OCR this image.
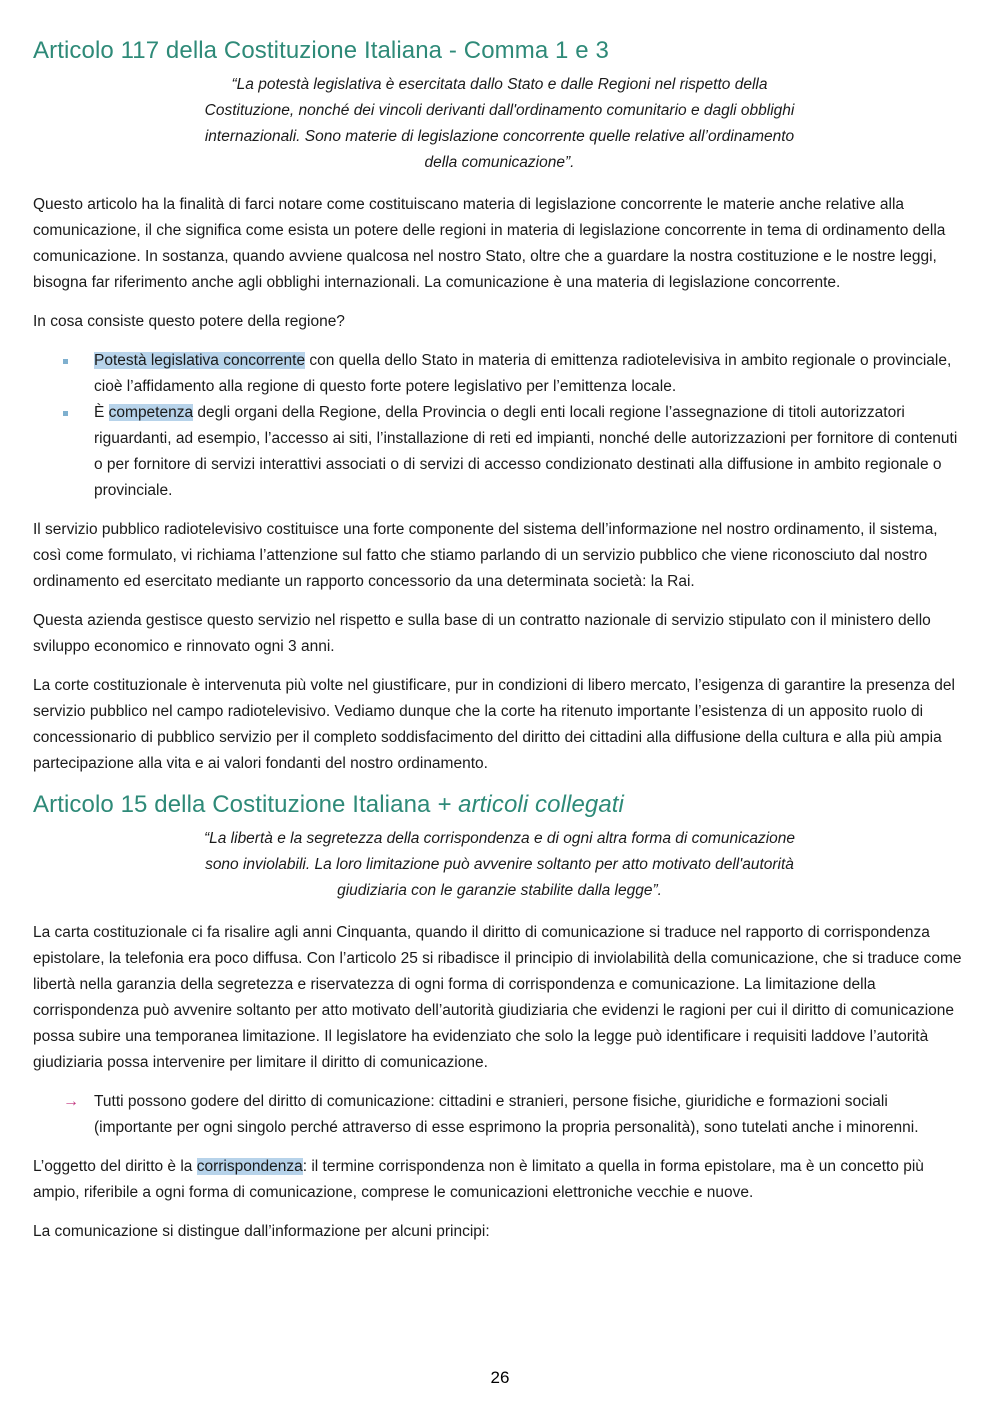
Articolo 117 della Costituzione Italiana - Comma 1 e 3

“La potestà legislativa è esercitata dallo Stato e dalle Regioni nel rispetto della Costituzione, nonché dei vincoli derivanti dall'ordinamento comunitario e dagli obblighi internazionali. Sono materie di legislazione concorrente quelle relative all’ordinamento della comunicazione”.

Questo articolo ha la finalità di farci notare come costituiscano materia di legislazione concorrente le materie anche relative alla comunicazione, il che significa come esista un potere delle regioni in materia di legislazione concorrente in tema di ordinamento della comunicazione. In sostanza, quando avviene qualcosa nel nostro Stato, oltre che a guardare la nostra costituzione e le nostre leggi, bisogna far riferimento anche agli obblighi internazionali. La comunicazione è una materia di legislazione concorrente.

In cosa consiste questo potere della regione?

Potestà legislativa concorrente con quella dello Stato in materia di emittenza radiotelevisiva in ambito regionale o provinciale, cioè l’affidamento alla regione di questo forte potere legislativo per l’emittenza locale.
È competenza degli organi della Regione, della Provincia o degli enti locali regione l’assegnazione di titoli autorizzatori riguardanti, ad esempio, l’accesso ai siti, l’installazione di reti ed impianti, nonché delle autorizzazioni per fornitore di contenuti o per fornitore di servizi interattivi associati o di servizi di accesso condizionato destinati alla diffusione in ambito regionale o provinciale.

Il servizio pubblico radiotelevisivo costituisce una forte componente del sistema dell’informazione nel nostro ordinamento, il sistema, così come formulato, vi richiama l’attenzione sul fatto che stiamo parlando di un servizio pubblico che viene riconosciuto dal nostro ordinamento ed esercitato mediante un rapporto concessorio da una determinata società: la Rai.

Questa azienda gestisce questo servizio nel rispetto e sulla base di un contratto nazionale di servizio stipulato con il ministero dello sviluppo economico e rinnovato ogni 3 anni.

La corte costituzionale è intervenuta più volte nel giustificare, pur in condizioni di libero mercato, l’esigenza di garantire la presenza del servizio pubblico nel campo radiotelevisivo. Vediamo dunque che la corte ha ritenuto importante l’esistenza di un apposito ruolo di concessionario di pubblico servizio per il completo soddisfacimento del diritto dei cittadini alla diffusione della cultura e alla più ampia partecipazione alla vita e ai valori fondanti del nostro ordinamento.

Articolo 15 della Costituzione Italiana + articoli collegati

“La libertà e la segretezza della corrispondenza e di ogni altra forma di comunicazione sono inviolabili. La loro limitazione può avvenire soltanto per atto motivato dell'autorità giudiziaria con le garanzie stabilite dalla legge”.

La carta costituzionale ci fa risalire agli anni Cinquanta, quando il diritto di comunicazione si traduce nel rapporto di corrispondenza epistolare, la telefonia era poco diffusa. Con l’articolo 25 si ribadisce il principio di inviolabilità della comunicazione, che si traduce come libertà nella garanzia della segretezza e riservatezza di ogni forma di corrispondenza e comunicazione. La limitazione della corrispondenza può avvenire soltanto per atto motivato dell’autorità giudiziaria che evidenzi le ragioni per cui il diritto di comunicazione possa subire una temporanea limitazione. Il legislatore ha evidenziato che solo la legge può identificare i requisiti laddove l’autorità giudiziaria possa intervenire per limitare il diritto di comunicazione.

→ Tutti possono godere del diritto di comunicazione: cittadini e stranieri, persone fisiche, giuridiche e formazioni sociali (importante per ogni singolo perché attraverso di esse esprimono la propria personalità), sono tutelati anche i minorenni.

L’oggetto del diritto è la corrispondenza: il termine corrispondenza non è limitato a quella in forma epistolare, ma è un concetto più ampio, riferibile a ogni forma di comunicazione, comprese le comunicazioni elettroniche vecchie e nuove.

La comunicazione si distingue dall’informazione per alcuni principi:

26
